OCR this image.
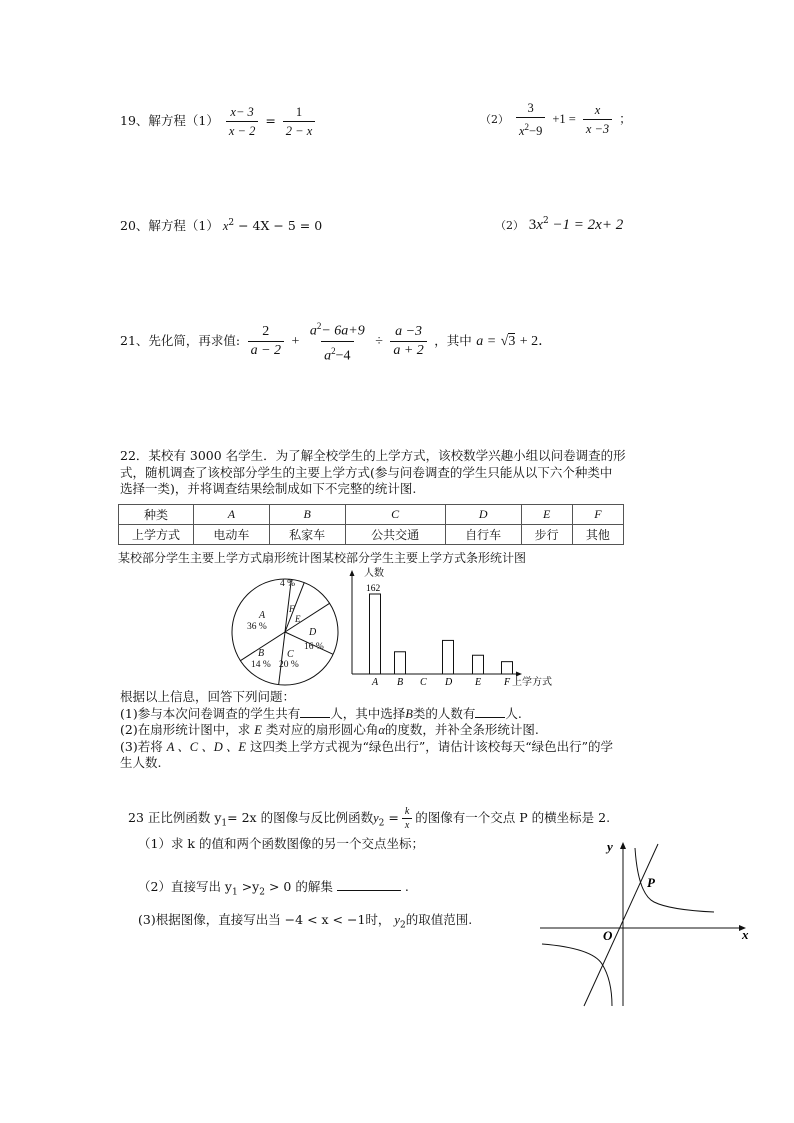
19、解方程$(1) \frac{x- 3}{x - 2} = \frac{1}{2 - x}$	$(2) \frac{3}{x^2-9} +1 = \frac{x}{x -3}$ ；
20、解方程（1） $x^2 - 4X - 5 = 0$	（2） $3x^2 -1 = 2x+ 2$
21、先化简，再求值: $\frac{2}{a - 2} + \frac{a^2- 6a+9}{a^2-4} \div \frac{a -3}{a + 2}$ ，其中 a = √3 + 2.
22．某校有 3000 名学生．为了解全校学生的上学方式，该校数学兴趣小组以问卷调查的形
式，随机调查了该校部分学生的主要上学方式(参与问卷调查的学生只能从以下六个种类中
选择一类)，并将调查结果绘制成如下不完整的统计图.
种类	A	B	C	D	E	F
上学方式	电动车	私家车	公共交通	自行车	步行	其他
某校部分学生主要上学方式扇形统计图某校部分学生主要上学方式条形统计图
A
36 %
B
14 %
C
20 %
D
16 %
E
F
4 %
人数
162
上学方式
A B C D E F
根据以上信息，回答下列问题：
(1)参与本次问卷调查的学生共有 人，其中选择B类的人数有 人.
(2)在扇形统计图中，求 E 类对应的扇形圆心角α的度数，并补全条形统计图.
(3)若将 A 、C 、D 、E 这四类上学方式视为“绿色出行”，请估计该校每天“绿色出行”的学
生人数.
23 正比例函数 $y_1= 2x$ 的图像与反比例函数$y_2 = \frac{k}{x}$ 的图像有一个交点 P 的横坐标是 2.
（1）求 k 的值和两个函数图像的另一个交点坐标；
（2）直接写出 $y_1 >y_2 > 0$ 的解集	.
(3)根据图像，直接写出当 −4 < x < −1时， $y_2$的取值范围.
y
x
O
P
